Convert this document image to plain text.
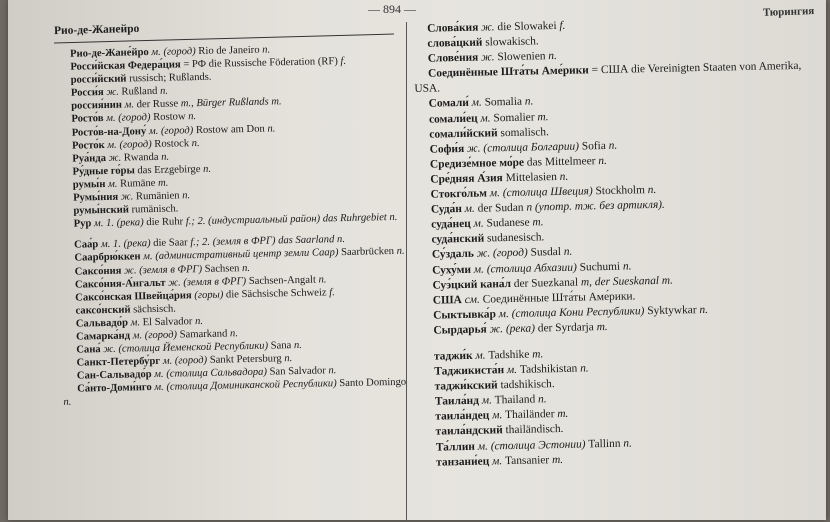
Рио-де-Жанейро
— 894 —	Тюрингия

Рио-де-Жане́йро м. (город) Rio de Janeiro n.

Росси́йская Федера́ция = РФ die Russische Föderation (RF) f.

росси́йский russisch; Rußlands.

Росси́я ж. Rußland n.

россия́нин м. der Russe m., Bürger Rußlands m.

Росто́в м. (город) Rostow n.

Росто́в-на-Дону́ м. (город) Rostow am Don n.

Росто́к м. (город) Rostock n.

Руа́нда ж. Rwanda n.

Ру́дные го́ры das Erzgebirge n.

румы́н м. Rumäne m.

Румы́ния ж. Rumänien n.

румы́нский rumänisch.

Рур м. 1. (река) die Ruhr f.; 2. (индустриальный район) das Ruhrgebiet n.

Саа́р м. 1. (река) die Saar f.; 2. (земля в ФРГ) das Saarland n.

Саарбрю́ккен м. (административный центр земли Саар) Saarbrücken n.

Саксо́ния ж. (земля в ФРГ) Sachsen n.

Саксо́ния-А́нгальт ж. (земля в ФРГ) Sachsen-Angalt n.

Саксо́нская Швейца́рия (горы) die Sächsische Schweiz f.

саксо́нский sächsisch.

Сальвадо́р м. El Salvador n.

Самарка́нд м. (город) Samarkand n.

Сана́ ж. (столица Йеменской Республики) Sana n.

Санкт-Петербу́рг м. (город) Sankt Petersburg n.

Сан-Сальвадо́р м. (столица Сальвадора) San Salvador n.

Са́нто-Доми́нго м. (столица Доминиканской Республики) Santo Domingo n.

Слова́кия ж. die Slowakei f.

слова́цкий slowakisch.

Слове́ния ж. Slowenien n.

Соединённые Шта́ты Аме́рики = США die Vereinigten Staaten von Amerika, USA.

Сомали́ м. Somalia n.

сомали́ец м. Somalier m.

сомали́йский somalisch.

Софи́я ж. (столица Болгарии) Sofia n.

Средизе́мное мо́ре das Mittelmeer n.

Сре́дняя А́зия Mittelasien n.

Стокго́льм м. (столица Швеция) Stockholm n.

Суда́н м. der Sudan n (употр. тж. без артикля).

суда́нец м. Sudanese m.

суда́нский sudanesisch.

Су́здаль ж. (город) Susdal n.

Суху́ми м. (столица Абхазии) Suchumi n.

Суэ́цкий кана́л der Suezkanal m, der Sueskanal m.

США см. Соединённые Шта́ты Аме́рики.

Сыктывка́р м. (столица Кони Республики) Syktywkar n.

Сырдарья́ ж. (река) der Syrdarja m.

таджи́к м. Tadshike m.

Таджикиста́н м. Tadshikistan n.

таджи́кский tadshikisch.

Таила́нд м. Thailand n.

таила́ндец м. Thailänder m.

таила́ндский thailändisch.

Та́ллин м. (столица Эстонии) Tallinn n.

танзани́ец м. Tansanier m.
